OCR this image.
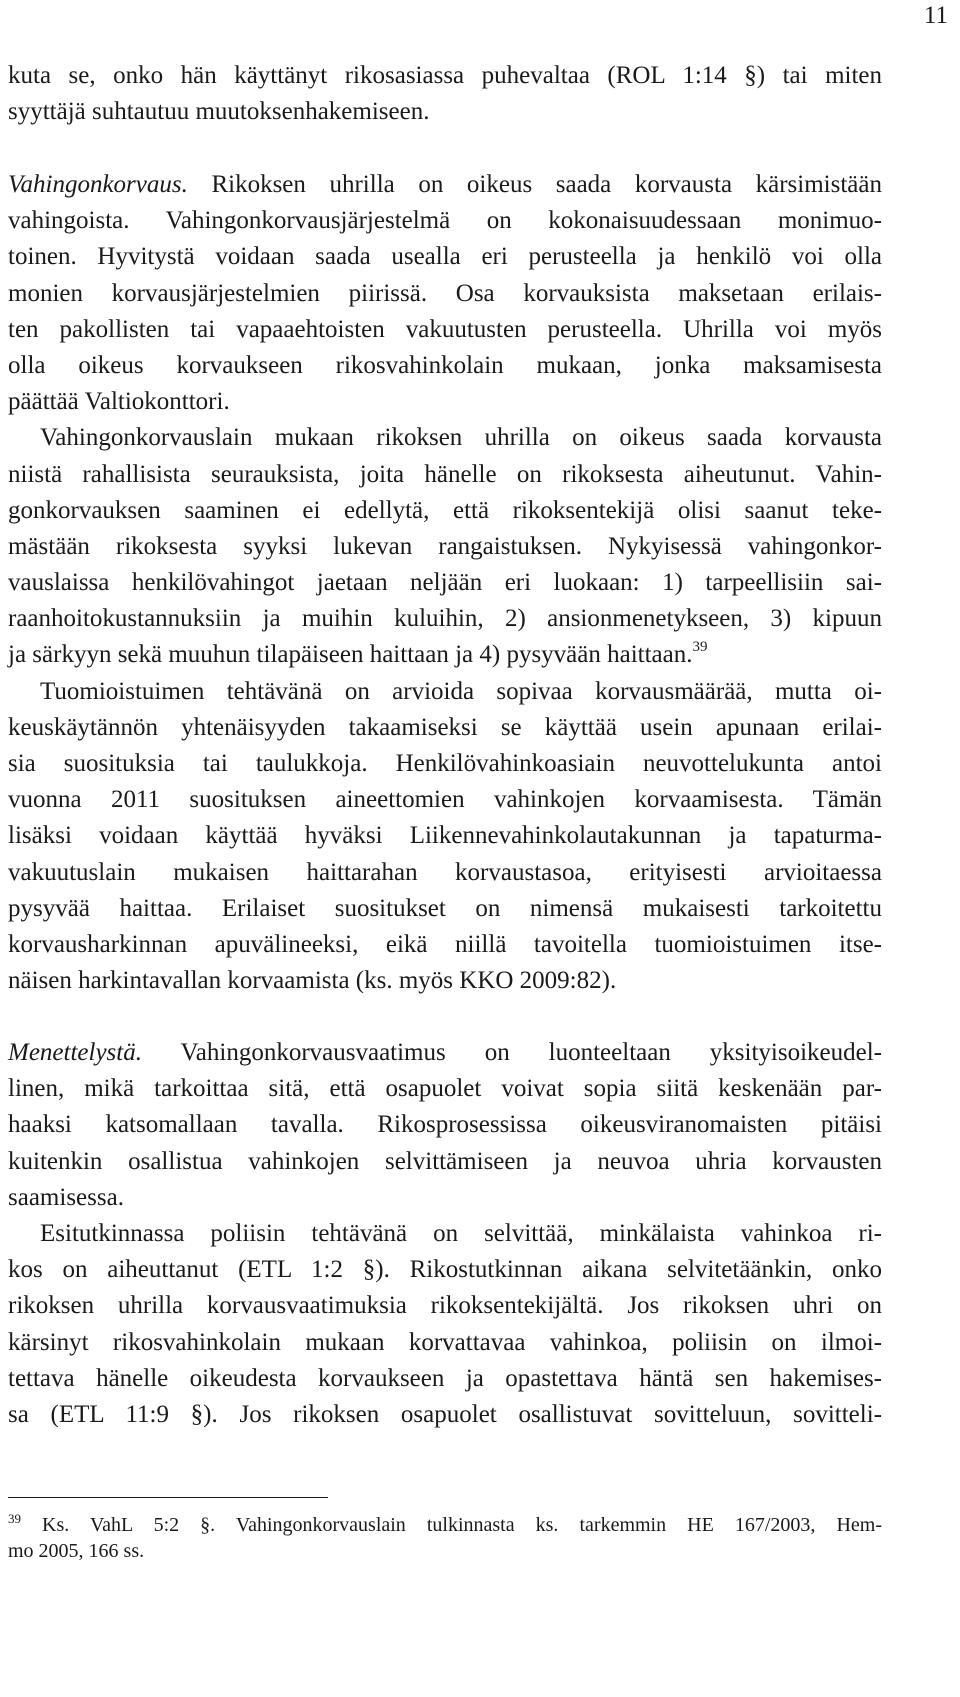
11
kuta se, onko hän käyttänyt rikosasiassa puhevaltaa (ROL 1:14 §) tai miten
syyttäjä suhtautuu muutoksenhakemiseen.
Vahingonkorvaus. Rikoksen uhrilla on oikeus saada korvausta kärsimistään
vahingoista. Vahingonkorvausjärjestelmä on kokonaisuudessaan monimuo-
toinen. Hyvitystä voidaan saada usealla eri perusteella ja henkilö voi olla
monien korvausjärjestelmien piirissä. Osa korvauksista maksetaan erilais-
ten pakollisten tai vapaaehtoisten vakuutusten perusteella. Uhrilla voi myös
olla oikeus korvaukseen rikosvahinkolain mukaan, jonka maksamisesta
päättää Valtiokonttori.
Vahingonkorvauslain mukaan rikoksen uhrilla on oikeus saada korvausta
niistä rahallisista seurauksista, joita hänelle on rikoksesta aiheutunut. Vahin-
gonkorvauksen saaminen ei edellytä, että rikoksentekijä olisi saanut teke-
mästään rikoksesta syyksi lukevan rangaistuksen. Nykyisessä vahingonkor-
vauslaissa henkilövahingot jaetaan neljään eri luokaan: 1) tarpeellisiin sai-
raanhoitokustannuksiin ja muihin kuluihin, 2) ansionmenetykseen, 3) kipuun
ja särkyyn sekä muuhun tilapäiseen haittaan ja 4) pysyvään haittaan.$^{39}$
Tuomioistuimen tehtävänä on arvioida sopivaa korvausmäärää, mutta oi-
keuskäytännön yhtenäisyyden takaamiseksi se käyttää usein apunaan erilai-
sia suosituksia tai taulukkoja. Henkilövahinkoasiain neuvottelukunta antoi
vuonna 2011 suosituksen aineettomien vahinkojen korvaamisesta. Tämän
lisäksi voidaan käyttää hyväksi Liikennevahinkolautakunnan ja tapaturma-
vakuutuslain mukaisen haittarahan korvaustasoa, erityisesti arvioitaessa
pysyvää haittaa. Erilaiset suositukset on nimensä mukaisesti tarkoitettu
korvausharkinnan apuvälineeksi, eikä niillä tavoitella tuomioistuimen itse-
näisen harkintavallan korvaamista (ks. myös KKO 2009:82).
Menettelystä. Vahingonkorvausvaatimus on luonteeltaan yksityisoikeudel-
linen, mikä tarkoittaa sitä, että osapuolet voivat sopia siitä keskenään par-
haaksi katsomallaan tavalla. Rikosprosessissa oikeusviranomaisten pitäisi
kuitenkin osallistua vahinkojen selvittämiseen ja neuvoa uhria korvausten
saamisessa.
Esitutkinnassa poliisin tehtävänä on selvittää, minkälaista vahinkoa ri-
kos on aiheuttanut (ETL 1:2 §). Rikostutkinnan aikana selvitetäänkin, onko
rikoksen uhrilla korvausvaatimuksia rikoksentekijältä. Jos rikoksen uhri on
kärsinyt rikosvahinkolain mukaan korvattavaa vahinkoa, poliisin on ilmoi-
tettava hänelle oikeudesta korvaukseen ja opastettava häntä sen hakemises-
sa (ETL 11:9 §). Jos rikoksen osapuolet osallistuvat sovitteluun, sovitteli-
$^{39}$ Ks. VahL 5:2 §. Vahingonkorvauslain tulkinnasta ks. tarkemmin HE 167/2003, Hem-
mo 2005, 166 ss.
